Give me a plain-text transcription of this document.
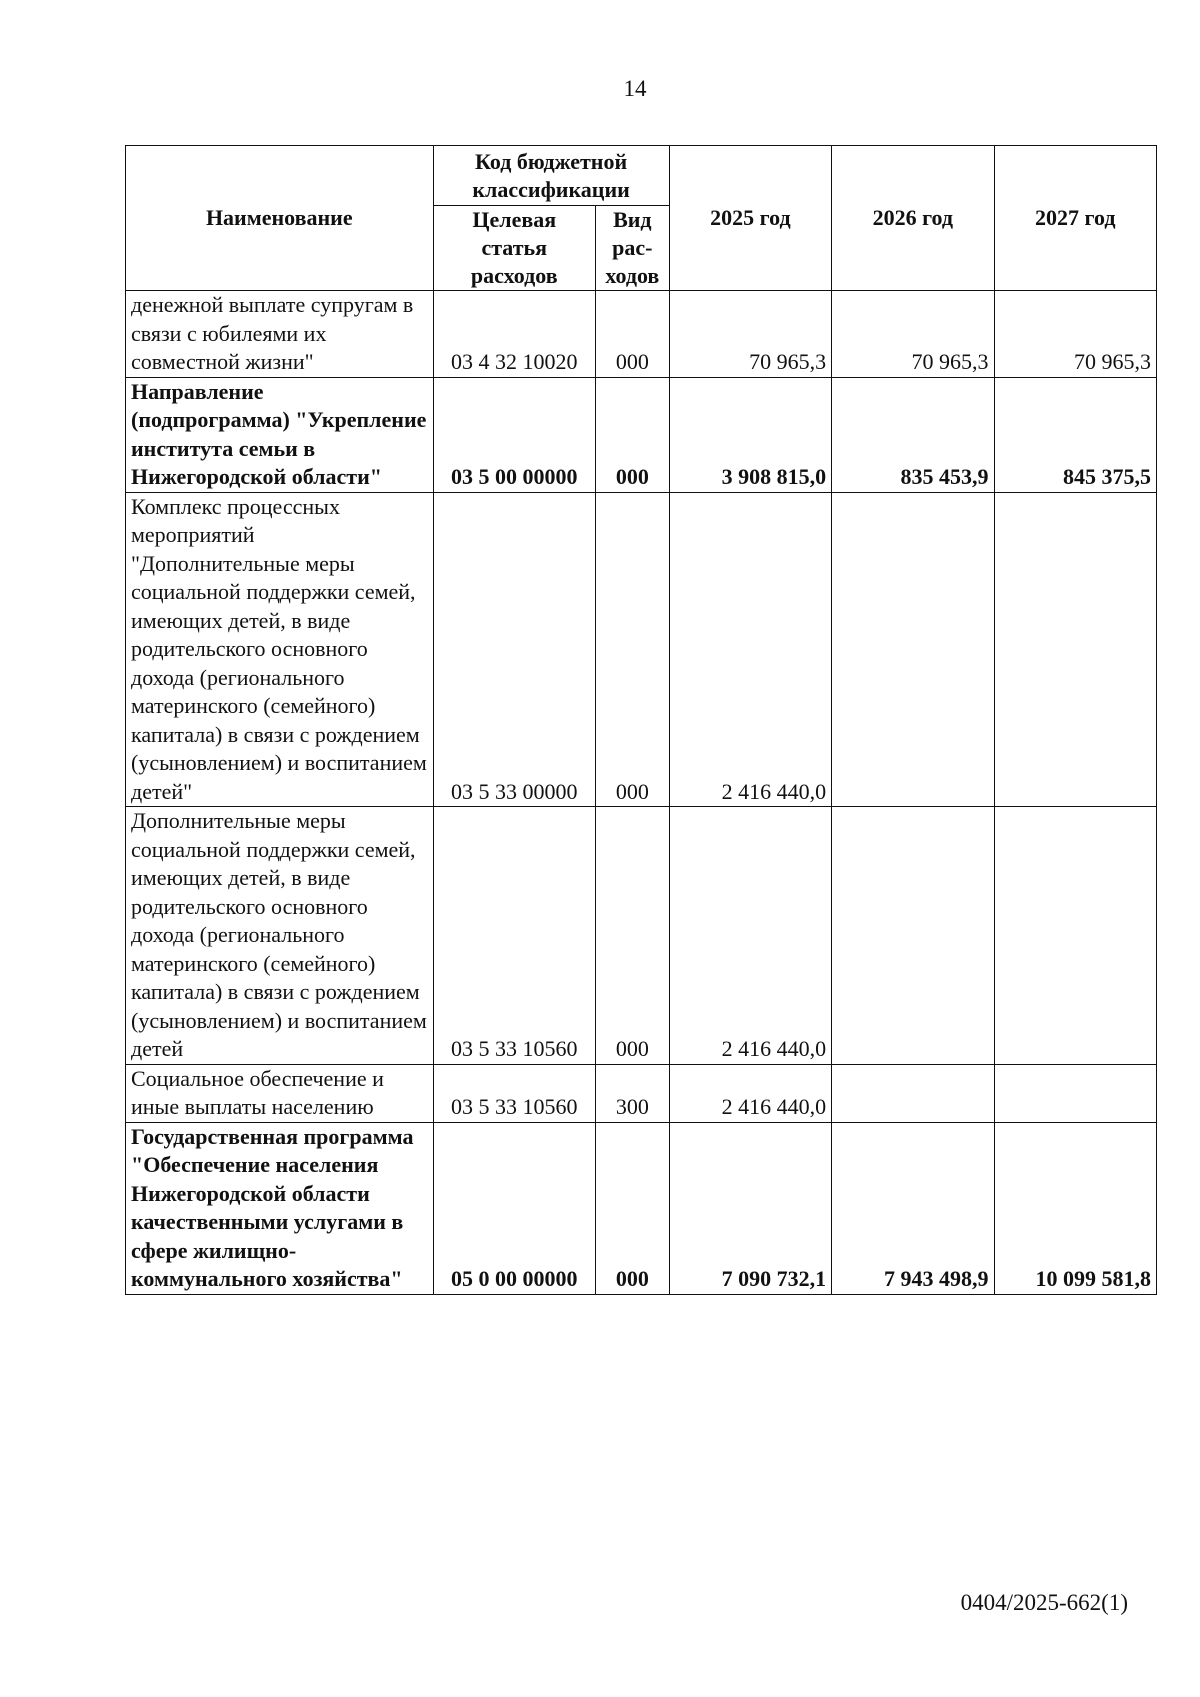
14
Наименование	Код бюджетной классификации		2025 год	2026 год	2027 год
	Целевая статья расходов	Вид рас-ходов			
денежной выплате супругам в связи с юбилеями их совместной жизни"	03 4 32 10020	000	70 965,3	70 965,3	70 965,3
Направление (подпрограмма) "Укрепление института семьи в Нижегородской области"	03 5 00 00000	000	3 908 815,0	835 453,9	845 375,5
Комплекс процессных мероприятий "Дополнительные меры социальной поддержки семей, имеющих детей, в виде родительского основного дохода (регионального материнского (семейного) капитала) в связи с рождением (усыновлением) и воспитанием детей"	03 5 33 00000	000	2 416 440,0		
Дополнительные меры социальной поддержки семей, имеющих детей, в виде родительского основного дохода (регионального материнского (семейного) капитала) в связи с рождением (усыновлением) и воспитанием детей	03 5 33 10560	000	2 416 440,0		
Социальное обеспечение и иные выплаты населению	03 5 33 10560	300	2 416 440,0		
Государственная программа "Обеспечение населения Нижегородской области качественными услугами в сфере жилищно-коммунального хозяйства"	05 0 00 00000	000	7 090 732,1	7 943 498,9	10 099 581,8
0404/2025-662(1)
